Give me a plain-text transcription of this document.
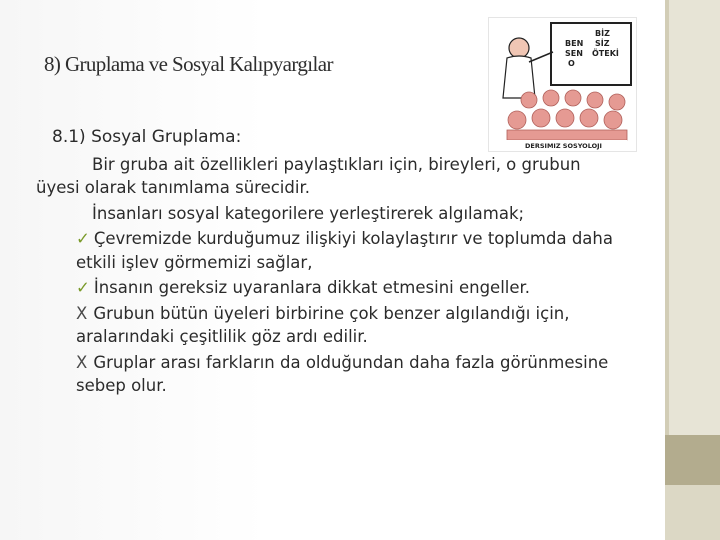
8) Gruplama ve Sosyal Kalıpyargılar
BEN
SEN
O
BİZ
SİZ
ÖTEKİ
DERSIMIZ SOSYOLOJI
8.1) Sosyal Gruplama:
Bir gruba ait özellikleri paylaştıkları için, bireyleri, o grubun üyesi olarak tanımlama sürecidir.
İnsanları sosyal kategorilere yerleştirerek algılamak;
✓ Çevremizde kurduğumuz ilişkiyi kolaylaştırır ve toplumda daha etkili işlev görmemizi sağlar,
✓ İnsanın gereksiz uyaranlara dikkat etmesini engeller.
X Grubun bütün üyeleri birbirine çok benzer algılandığı için, aralarındaki çeşitlilik göz ardı edilir.
X Gruplar arası farkların da olduğundan daha fazla görünmesine sebep olur.
